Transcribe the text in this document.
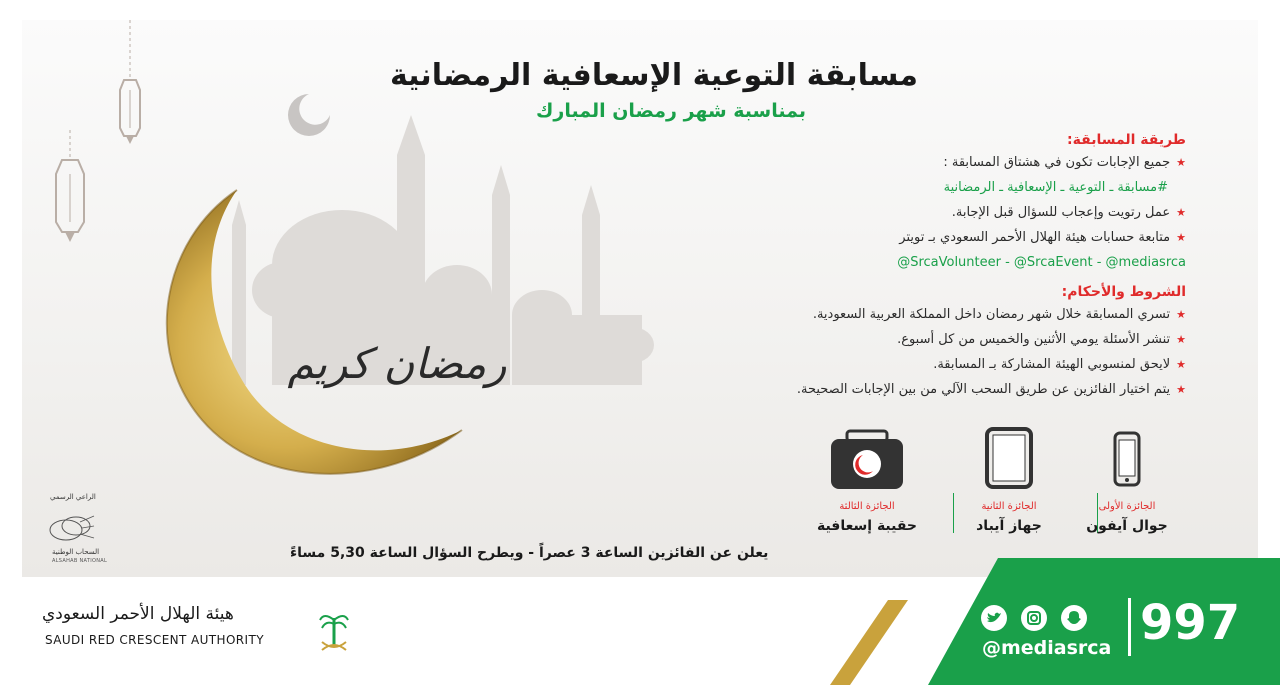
رمضان كريم
مسابقة التوعية الإسعافية الرمضانية
بمناسبة شهر رمضان المبارك
طريقة المسابقة:
★جميع الإجابات تكون في هشتاق المسابقة :
#مسابقة ـ التوعية ـ الإسعافية ـ الرمضانية
★عمل رتويت وإعجاب للسؤال قبل الإجابة.
★متابعة حسابات هيئة الهلال الأحمر السعودي بـ تويتر
@SrcaVolunteer - @SrcaEvent - @mediasrca
الشروط والأحكام:
★تسري المسابقة خلال شهر رمضان داخل المملكة العربية السعودية.
★تنشر الأسئلة يومي الأثنين والخميس من كل أسبوع.
★لايحق لمنسوبي الهيئة المشاركة بـ المسابقة.
★يتم اختيار الفائزين عن طريق السحب الآلي من بين الإجابات الصحيحة.
الجائزة الثالثة
حقيبة إسعافية
الجائزة الثانية
جهاز آيباد
الجائزة الأولى
جوال آيفون
يعلن عن الفائزين الساعة 3 عصراً - ويطرح السؤال الساعة 5,30 مساءً
الراعي الرسمي
السحاب الوطنية
ALSAHAB NATIONAL
هيئة الهلال الأحمر السعودي
SAUDI RED CRESCENT AUTHORITY	@mediasrca 997
